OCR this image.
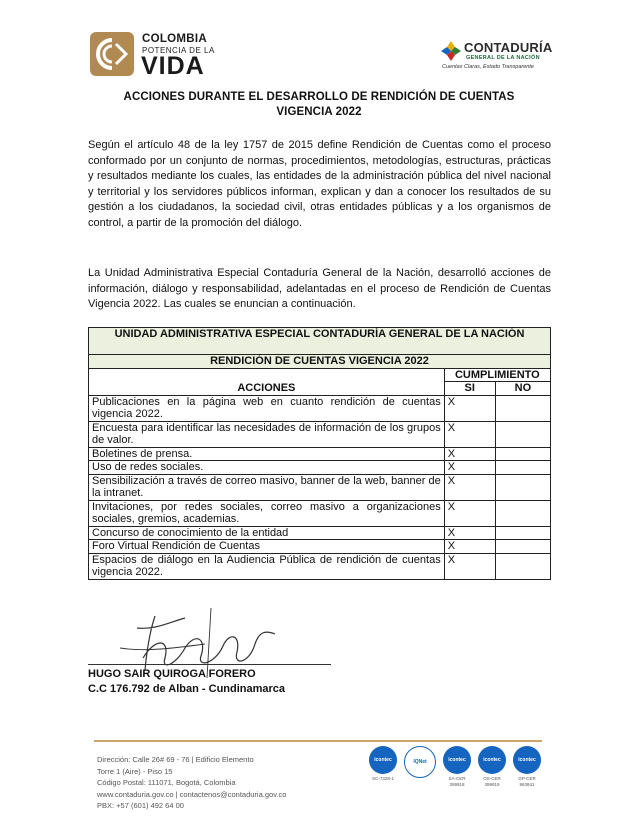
COLOMBIA
POTENCIA DE LA
VIDA
CONTADURÍA
GENERAL DE LA NACIÓN
Cuentas Claras, Estado Transparente
ACCIONES DURANTE EL DESARROLLO DE RENDICIÓN DE CUENTAS
VIGENCIA 2022

Según el artículo 48 de la ley 1757 de 2015 define Rendición de Cuentas como el proceso conformado por un conjunto de normas, procedimientos, metodologías, estructuras, prácticas y resultados mediante los cuales, las entidades de la administración pública del nivel nacional y territorial y los servidores públicos informan, explican y dan a conocer los resultados de su gestión a los ciudadanos, la sociedad civil, otras entidades públicas y a los organismos de control, a partir de la promoción del diálogo.

La Unidad Administrativa Especial Contaduría General de la Nación, desarrolló acciones de información, diálogo y responsabilidad, adelantadas en el proceso de Rendición de Cuentas Vigencia 2022. Las cuales se enuncian a continuación.

UNIDAD ADMINISTRATIVA ESPECIAL CONTADURÍA GENERAL DE LA NACIÓN		
RENDICIÓN DE CUENTAS VIGENCIA 2022		
	CUMPLIMIENTO	
ACCIONES	SI	NO
Publicaciones en la página web en cuanto rendición de cuentas vigencia 2022.	X	
Encuesta para identificar las necesidades de información de los grupos de valor.	X	
Boletines de prensa.	X	
Uso de redes sociales.	X	
Sensibilización a través de correo masivo, banner de la web, banner de la intranet.	X	
Invitaciones, por redes sociales, correo masivo a organizaciones sociales, gremios, academias.	X	
Concurso de conocimiento de la entidad	X	
Foro Virtual Rendición de Cuentas	X	
Espacios de diálogo en la Audiencia Pública de rendición de cuentas vigencia 2022.	X	
HUGO SAIR QUIROGA FORERO
C.C 176.792 de Alban - Cundinamarca
Dirección: Calle 26# 69 - 76 | Edificio Elemento
Torre 1 (Aire) - Piso 15
Código Postal: 111071, Bogotá, Colombia
www.contaduria.gov.co | contactenos@contaduria.gov.co
PBX: +57 (601) 492 64 00
icontec
SC-7328-1
IQNet	icontec
SA-CER 399918
icontec
OS-CER 399919
icontec
GP-CER 963842
